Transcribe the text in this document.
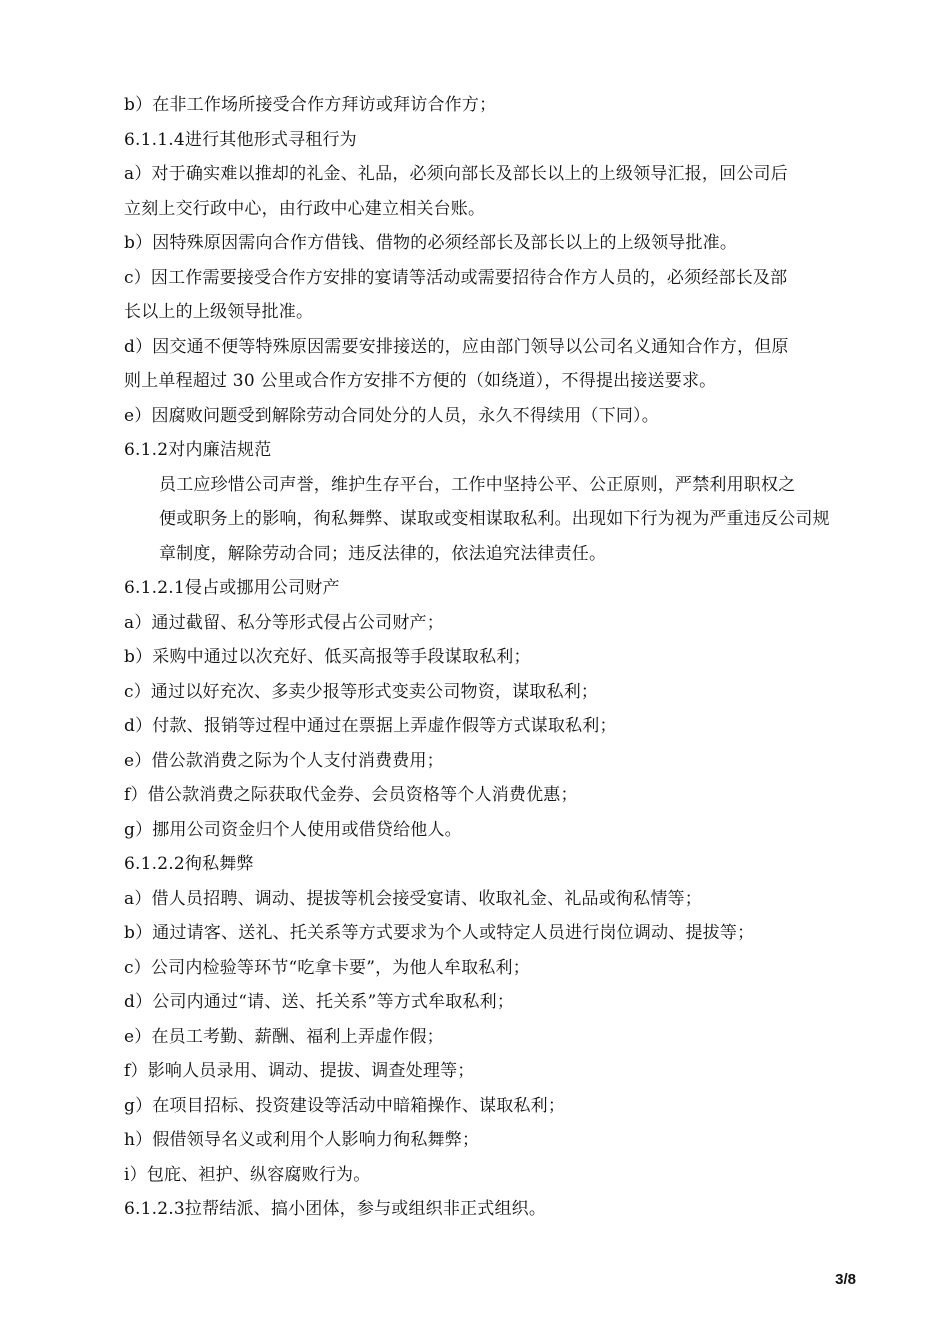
b）在非工作场所接受合作方拜访或拜访合作方；
6.1.1.4进行其他形式寻租行为
a）对于确实难以推却的礼金、礼品，必须向部长及部长以上的上级领导汇报，回公司后
立刻上交行政中心，由行政中心建立相关台账。
b）因特殊原因需向合作方借钱、借物的必须经部长及部长以上的上级领导批准。
c）因工作需要接受合作方安排的宴请等活动或需要招待合作方人员的，必须经部长及部
长以上的上级领导批准。
d）因交通不便等特殊原因需要安排接送的，应由部门领导以公司名义通知合作方，但原
则上单程超过 30 公里或合作方安排不方便的（如绕道），不得提出接送要求。
e）因腐败问题受到解除劳动合同处分的人员，永久不得续用（下同）。
6.1.2对内廉洁规范
员工应珍惜公司声誉，维护生存平台，工作中坚持公平、公正原则，严禁利用职权之
便或职务上的影响，徇私舞弊、谋取或变相谋取私利。出现如下行为视为严重违反公司规
章制度，解除劳动合同；违反法律的，依法追究法律责任。
6.1.2.1侵占或挪用公司财产
a）通过截留、私分等形式侵占公司财产；
b）采购中通过以次充好、低买高报等手段谋取私利；
c）通过以好充次、多卖少报等形式变卖公司物资，谋取私利；
d）付款、报销等过程中通过在票据上弄虚作假等方式谋取私利；
e）借公款消费之际为个人支付消费费用；
f）借公款消费之际获取代金券、会员资格等个人消费优惠；
g）挪用公司资金归个人使用或借贷给他人。
6.1.2.2徇私舞弊
a）借人员招聘、调动、提拔等机会接受宴请、收取礼金、礼品或徇私情等；
b）通过请客、送礼、托关系等方式要求为个人或特定人员进行岗位调动、提拔等；
c）公司内检验等环节“吃拿卡要”，为他人牟取私利；
d）公司内通过“请、送、托关系”等方式牟取私利；
e）在员工考勤、薪酬、福利上弄虚作假；
f）影响人员录用、调动、提拔、调查处理等；
g）在项目招标、投资建设等活动中暗箱操作、谋取私利；
h）假借领导名义或利用个人影响力徇私舞弊；
i）包庇、袒护、纵容腐败行为。
6.1.2.3拉帮结派、搞小团体，参与或组织非正式组织。
3/8
